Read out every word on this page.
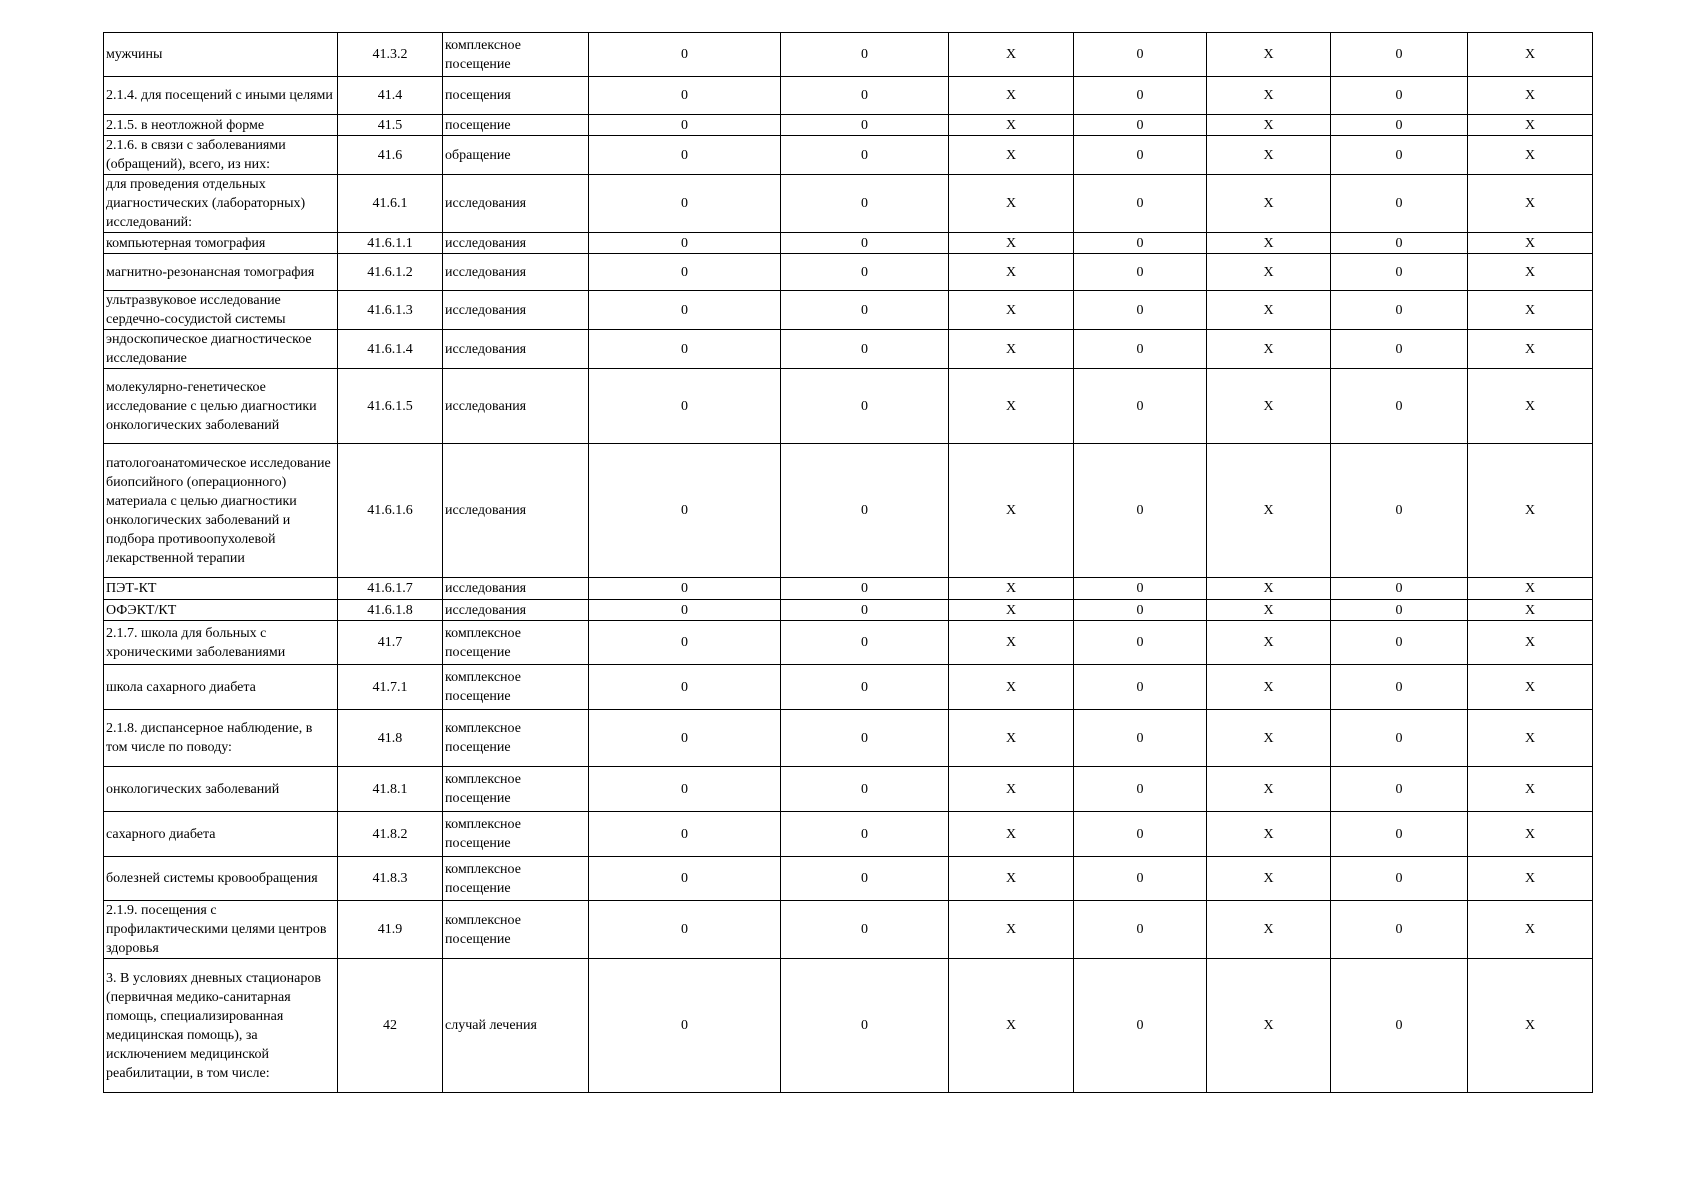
мужчины	41.3.2	комплексное посещение	0	0	X	0	X	0	X
2.1.4. для посещений с иными целями	41.4	посещения	0	0	X	0	X	0	X
2.1.5. в неотложной форме	41.5	посещение	0	0	X	0	X	0	X
2.1.6. в связи с заболеваниями (обращений), всего, из них:	41.6	обращение	0	0	X	0	X	0	X
для проведения отдельных диагностических (лабораторных) исследований:	41.6.1	исследования	0	0	X	0	X	0	X
компьютерная томография	41.6.1.1	исследования	0	0	X	0	X	0	X
магнитно-резонансная томография	41.6.1.2	исследования	0	0	X	0	X	0	X
ультразвуковое исследование сердечно-сосудистой системы	41.6.1.3	исследования	0	0	X	0	X	0	X
эндоскопическое диагностическое исследование	41.6.1.4	исследования	0	0	X	0	X	0	X
молекулярно-генетическое исследование с целью диагностики онкологических заболеваний	41.6.1.5	исследования	0	0	X	0	X	0	X
патологоанатомическое исследование биопсийного (операционного) материала с целью диагностики онкологических заболеваний и подбора противоопухолевой лекарственной терапии	41.6.1.6	исследования	0	0	X	0	X	0	X
ПЭТ-КТ	41.6.1.7	исследования	0	0	X	0	X	0	X
ОФЭКТ/КТ	41.6.1.8	исследования	0	0	X	0	X	0	X
2.1.7. школа для больных с хроническими заболеваниями	41.7	комплексное посещение	0	0	X	0	X	0	X
школа сахарного диабета	41.7.1	комплексное посещение	0	0	X	0	X	0	X
2.1.8. диспансерное наблюдение, в том числе по поводу:	41.8	комплексное посещение	0	0	X	0	X	0	X
онкологических заболеваний	41.8.1	комплексное посещение	0	0	X	0	X	0	X
сахарного диабета	41.8.2	комплексное посещение	0	0	X	0	X	0	X
болезней системы кровообращения	41.8.3	комплексное посещение	0	0	X	0	X	0	X
2.1.9. посещения с профилактическими целями центров здоровья	41.9	комплексное посещение	0	0	X	0	X	0	X
3. В условиях дневных стационаров (первичная медико-санитарная помощь, специализированная медицинская помощь), за исключением медицинской реабилитации, в том числе:	42	случай лечения	0	0	X	0	X	0	X
